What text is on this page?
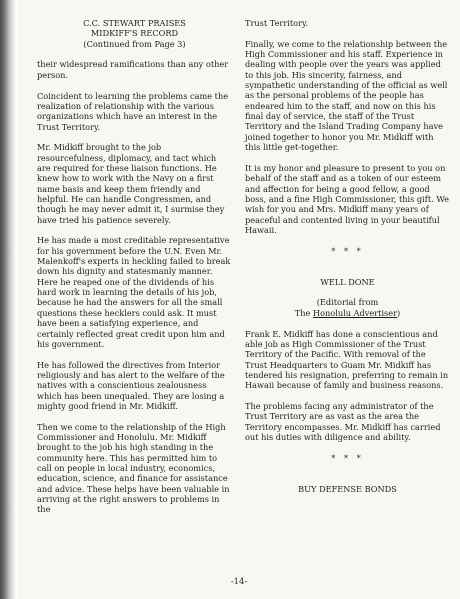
C.C. STEWART PRAISES
MIDKIFF'S RECORD
(Continued from Page 3)

their widespread ramifications than any other person.

Coincident to learning the problems came the realization of relationship with the various organizations which have an interest in the Trust Territory.

Mr. Midkiff brought to the job resourcefulness, diplomacy, and tact which are required for these liaison functions. He knew how to work with the Navy on a first name basis and keep them friendly and helpful. He can handle Congressmen, and though he may never admit it, I surmise they have tried his patience severely.

He has made a most creditable representative for his government before the U.N. Even Mr. Malenkoff's experts in heckling failed to break down his dignity and statesmanly manner. Here he reaped one of the dividends of his hard work in learning the details of his job, because he had the answers for all the small questions these hecklers could ask. It must have been a satisfying experience, and certainly reflected great credit upon him and his government.

He has followed the directives from Interior religiously and has alert to the welfare of the natives with a conscientious zealousness which has been unequaled. They are losing a mighty good friend in Mr. Midkiff.

Then we come to the relationship of the High Commissioner and Honolulu. Mr. Midkiff brought to the job his high standing in the community here. This has permitted him to call on people in local industry, economics, education, science, and finance for assistance and advice. These helps have been valuable in arriving at the right answers to problems in the

Trust Territory.

Finally, we come to the relationship between the High Commissioner and his staff. Experience in dealing with people over the years was applied to this job. His sincerity, fairness, and sympathetic understanding of the official as well as the personal problems of the people has endeared him to the staff, and now on this his final day of service, the staff of the Trust Territory and the Island Trading Company have joined together to honor you Mr. Midkiff with this little get-together.

It is my honor and pleasure to present to you on behalf of the staff and as a token of our esteem and affection for being a good fellow, a good boss, and a fine High Commissioner, this gift. We wish for you and Mrs. Midkiff many years of peaceful and contented living in your beautiful Hawaii.

* * *

WELL DONE
(Editorial from
The Honolulu Advertiser)

Frank E. Midkiff has done a conscientious and able job as High Commissioner of the Trust Territory of the Pacific. With removal of the Trust Headquarters to Guam Mr. Midkiff has tendered his resignation, preferring to remain in Hawaii because of family and business reasons.

The problems facing any administrator of the Trust Territory are as vast as the area the Territory encompasses. Mr. Midkiff has carried out his duties with diligence and ability.

* * *

BUY DEFENSE BONDS

-14-
